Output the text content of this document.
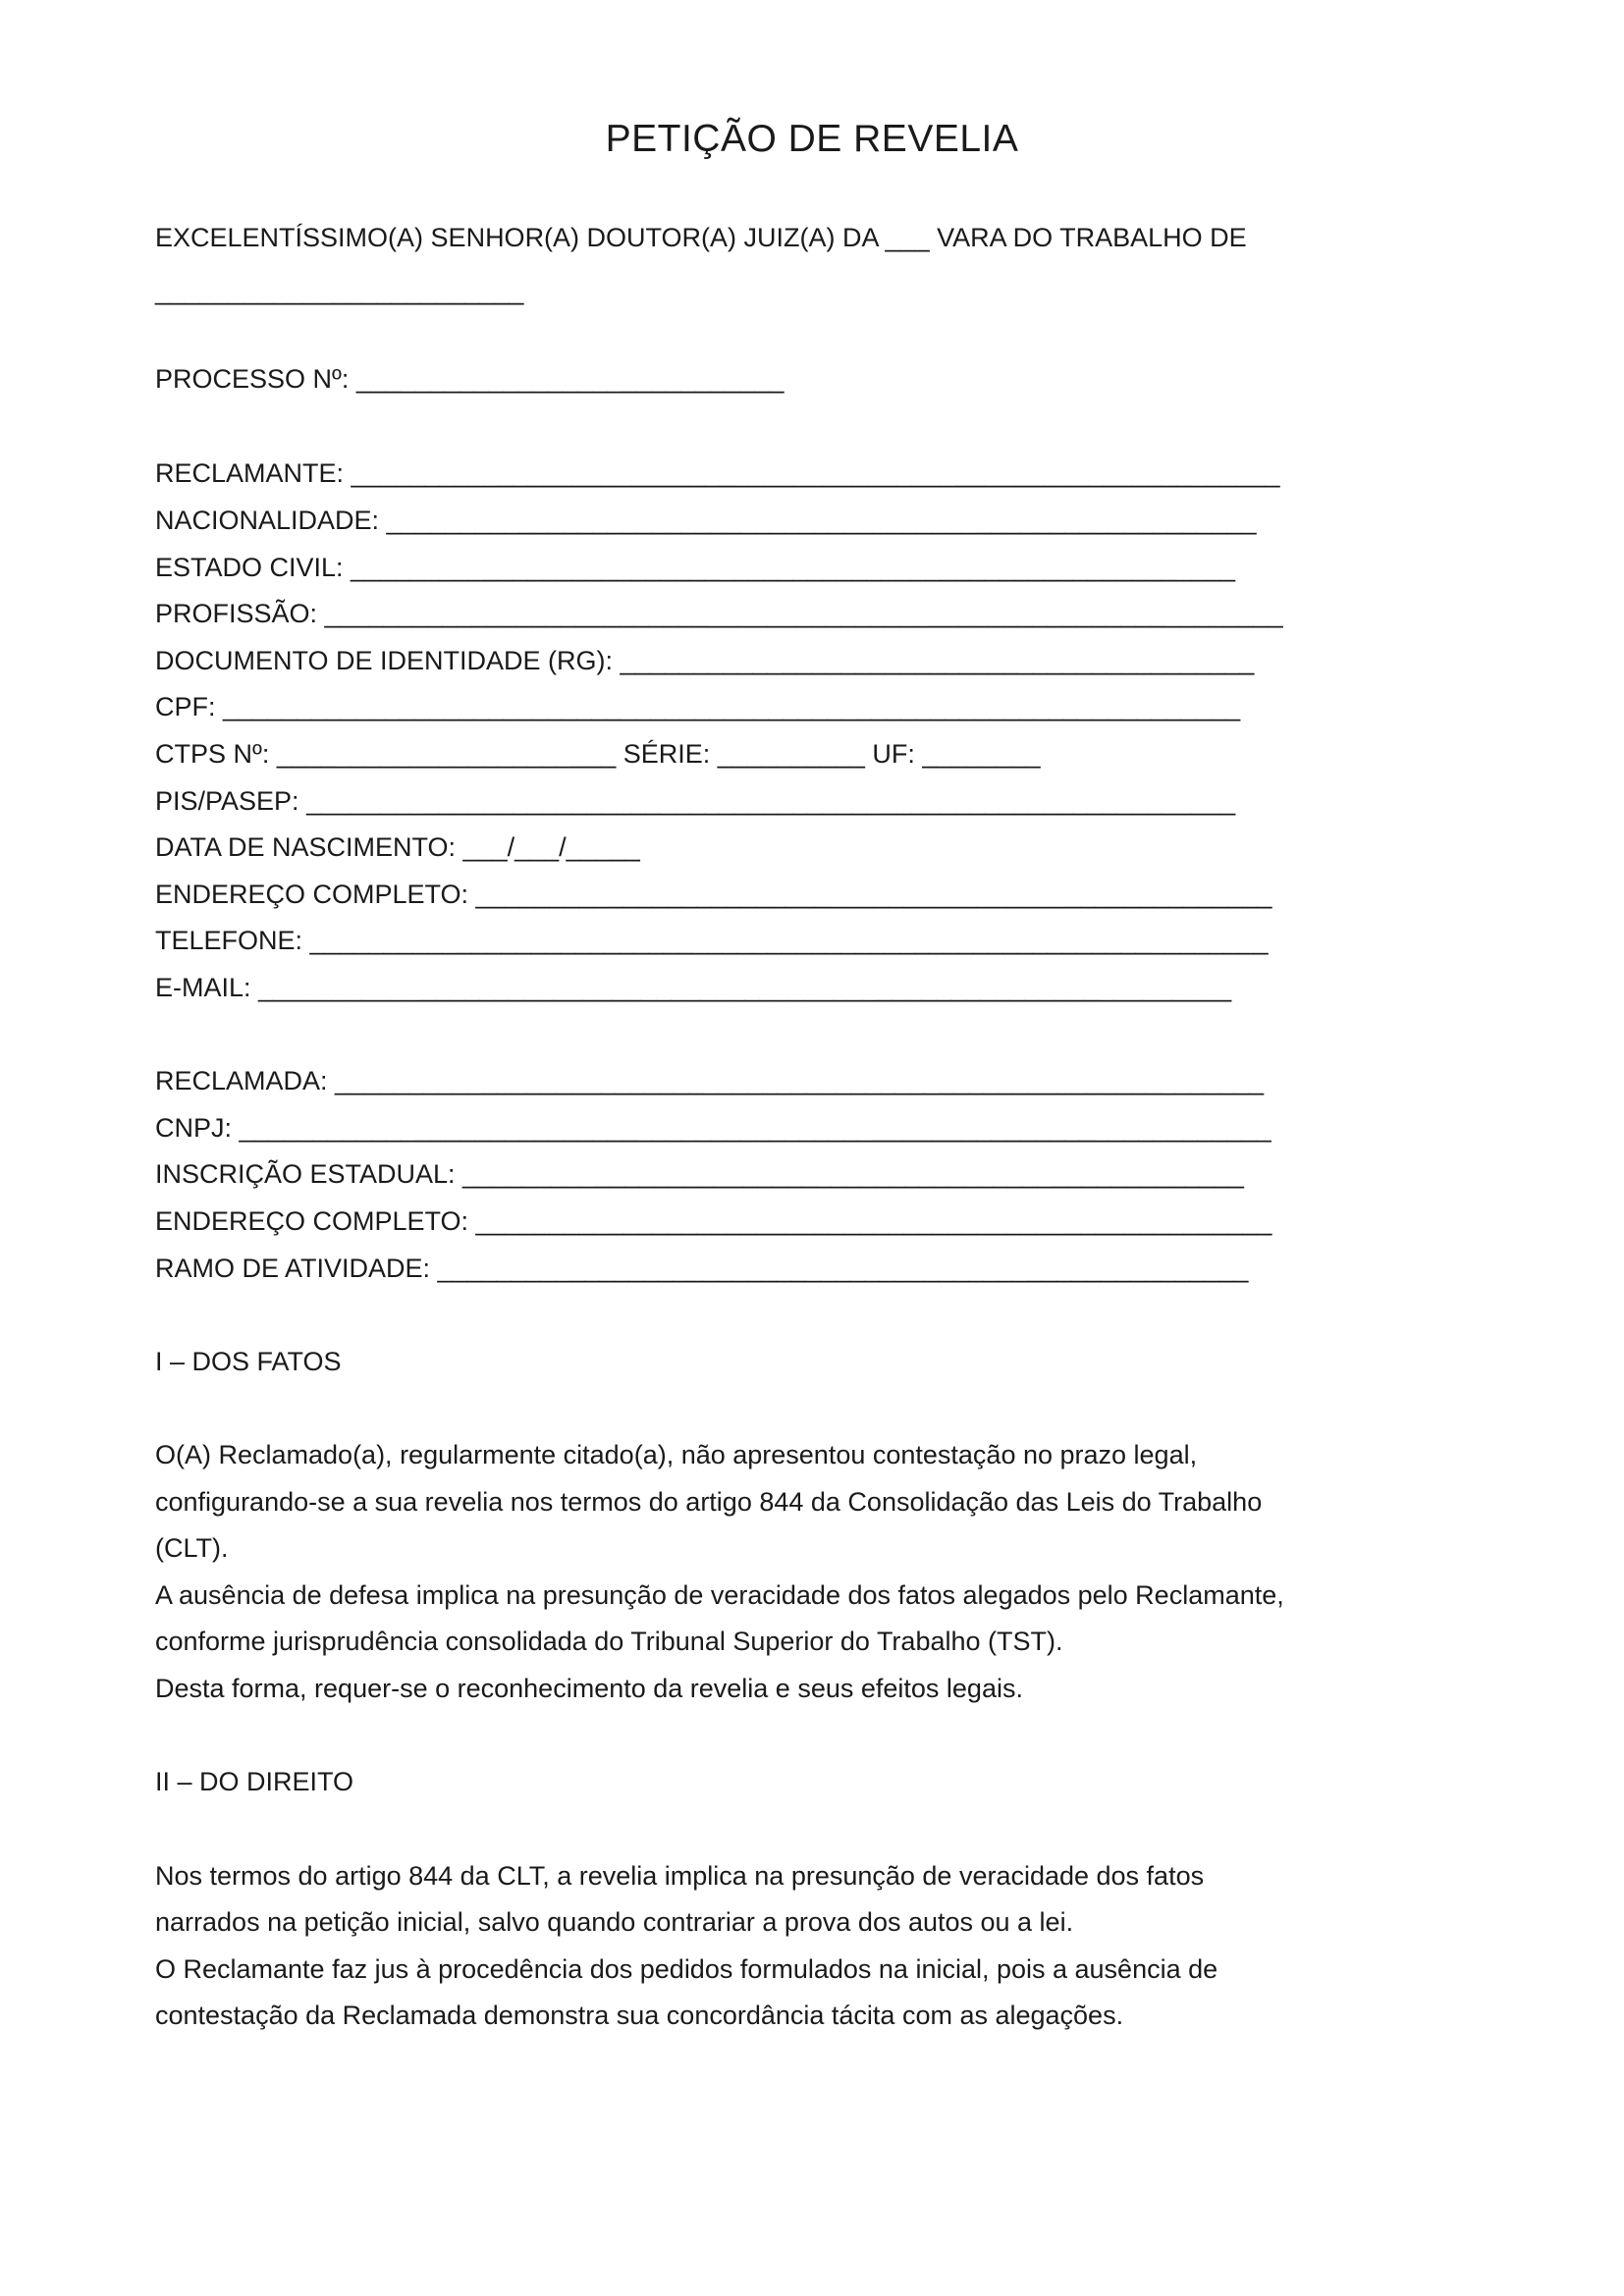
PETIÇÃO DE REVELIA
EXCELENTÍSSIMO(A) SENHOR(A) DOUTOR(A) JUIZ(A) DA ___ VARA DO TRABALHO DE
_________________________
PROCESSO Nº: _____________________________
RECLAMANTE: _______________________________________________________________
NACIONALIDADE: ___________________________________________________________
ESTADO CIVIL: ____________________________________________________________
PROFISSÃO: _________________________________________________________________
DOCUMENTO DE IDENTIDADE (RG): ___________________________________________
CPF: _____________________________________________________________________
CTPS Nº: _______________________ SÉRIE: __________ UF: ________
PIS/PASEP: _______________________________________________________________
DATA DE NASCIMENTO: ___/___/_____
ENDEREÇO COMPLETO: ______________________________________________________
TELEFONE: _________________________________________________________________
E-MAIL: __________________________________________________________________
RECLAMADA: _______________________________________________________________
CNPJ: ______________________________________________________________________
INSCRIÇÃO ESTADUAL: _____________________________________________________
ENDEREÇO COMPLETO: ______________________________________________________
RAMO DE ATIVIDADE: _______________________________________________________
I – DOS FATOS
O(A) Reclamado(a), regularmente citado(a), não apresentou contestação no prazo legal,
configurando-se a sua revelia nos termos do artigo 844 da Consolidação das Leis do Trabalho
(CLT).
A ausência de defesa implica na presunção de veracidade dos fatos alegados pelo Reclamante,
conforme jurisprudência consolidada do Tribunal Superior do Trabalho (TST).
Desta forma, requer-se o reconhecimento da revelia e seus efeitos legais.
II – DO DIREITO
Nos termos do artigo 844 da CLT, a revelia implica na presunção de veracidade dos fatos
narrados na petição inicial, salvo quando contrariar a prova dos autos ou a lei.
O Reclamante faz jus à procedência dos pedidos formulados na inicial, pois a ausência de
contestação da Reclamada demonstra sua concordância tácita com as alegações.
